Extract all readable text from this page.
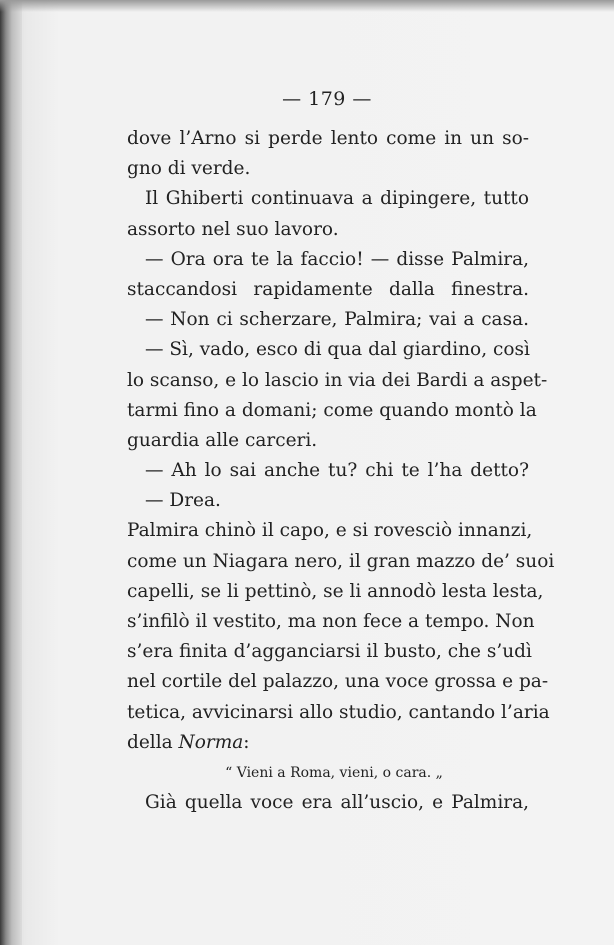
— 179 —
dove l’Arno si perde lento come in un so-
gno di verde.
Il Ghiberti continuava a dipingere, tutto
assorto nel suo lavoro.
— Ora ora te la faccio! — disse Palmira,
staccandosi rapidamente dalla finestra.
— Non ci scherzare, Palmira; vai a casa.
— Sì, vado, esco di qua dal giardino, così
lo scanso, e lo lascio in via dei Bardi a aspet-
tarmi fino a domani; come quando montò la
guardia alle carceri.
— Ah lo sai anche tu? chi te l’ha detto?
— Drea.
Palmira chinò il capo, e si rovesciò innanzi,
come un Niagara nero, il gran mazzo de’ suoi
capelli, se li pettinò, se li annodò lesta lesta,
s’infilò il vestito, ma non fece a tempo. Non
s’era finita d’agganciarsi il busto, che s’udì
nel cortile del palazzo, una voce grossa e pa-
tetica, avvicinarsi allo studio, cantando l’aria
della Norma:
“ Vieni a Roma, vieni, o cara. „
Già quella voce era all’uscio, e Palmira,
